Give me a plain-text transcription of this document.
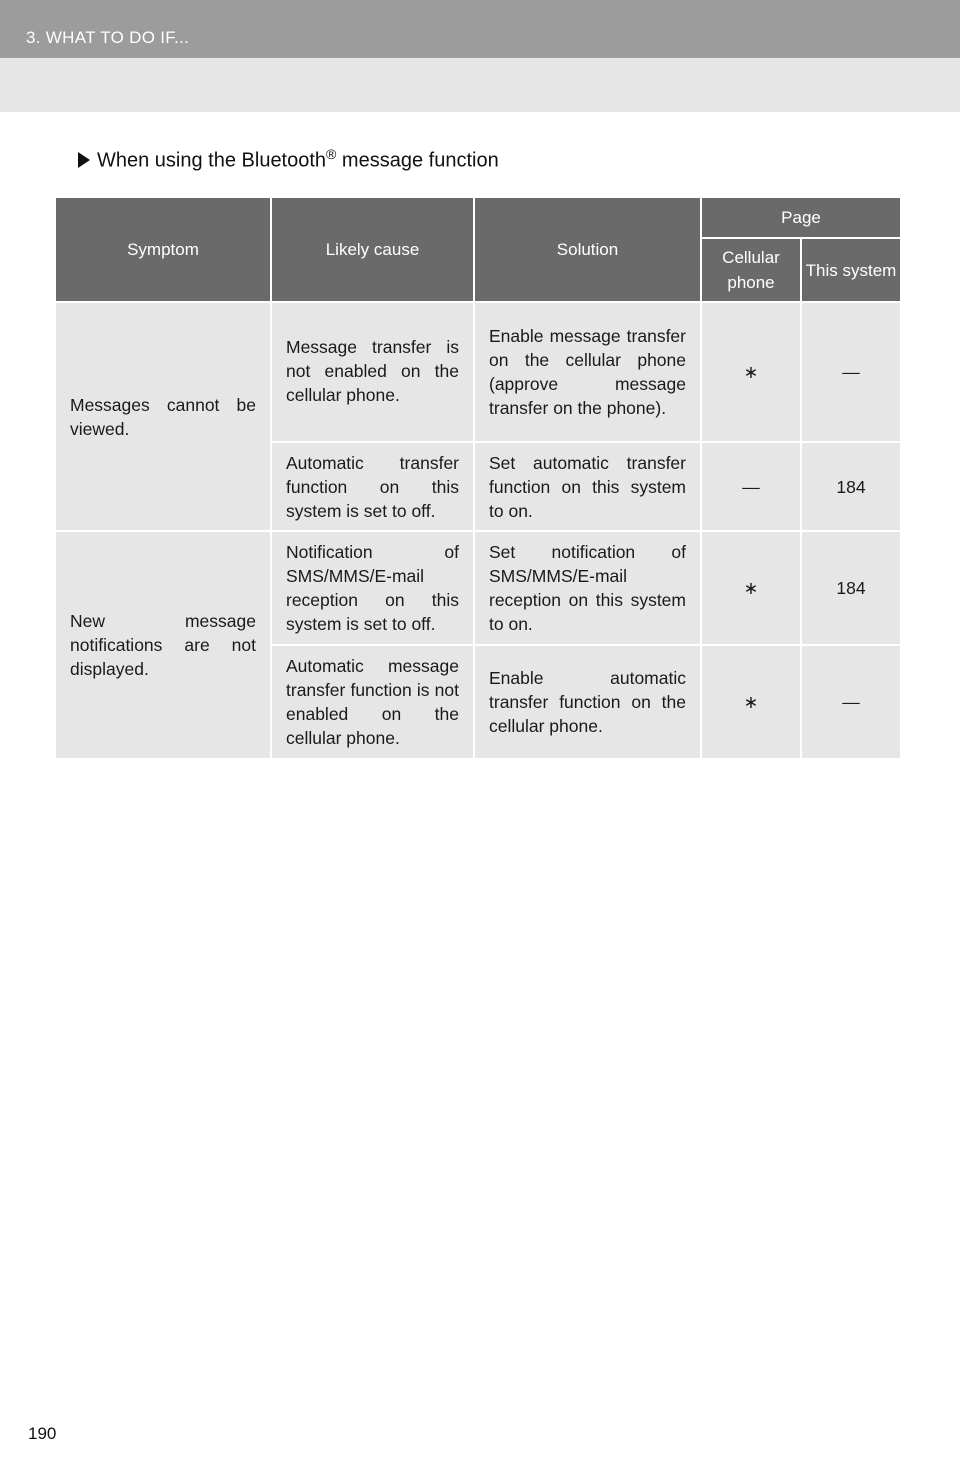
3. WHAT TO DO IF...
When using the Bluetooth® message function
Symptom	Likely cause	Solution	Page	
			Cellular phone	This system
Messages cannot be viewed.	Message transfer is not enabled on the cellular phone.	Enable message transfer on the cellular phone (approve message transfer on the phone).	∗	—
	Automatic transfer function on this system is set to off.	Set automatic transfer function on this system to on.	—	184
New message notifications are not displayed.	Notification of SMS/MMS/E-mail reception on this system is set to off.	Set notification of SMS/MMS/E-mail reception on this system to on.	∗	184
	Automatic message transfer function is not enabled on the cellular phone.	Enable automatic transfer function on the cellular phone.	∗	—
190
